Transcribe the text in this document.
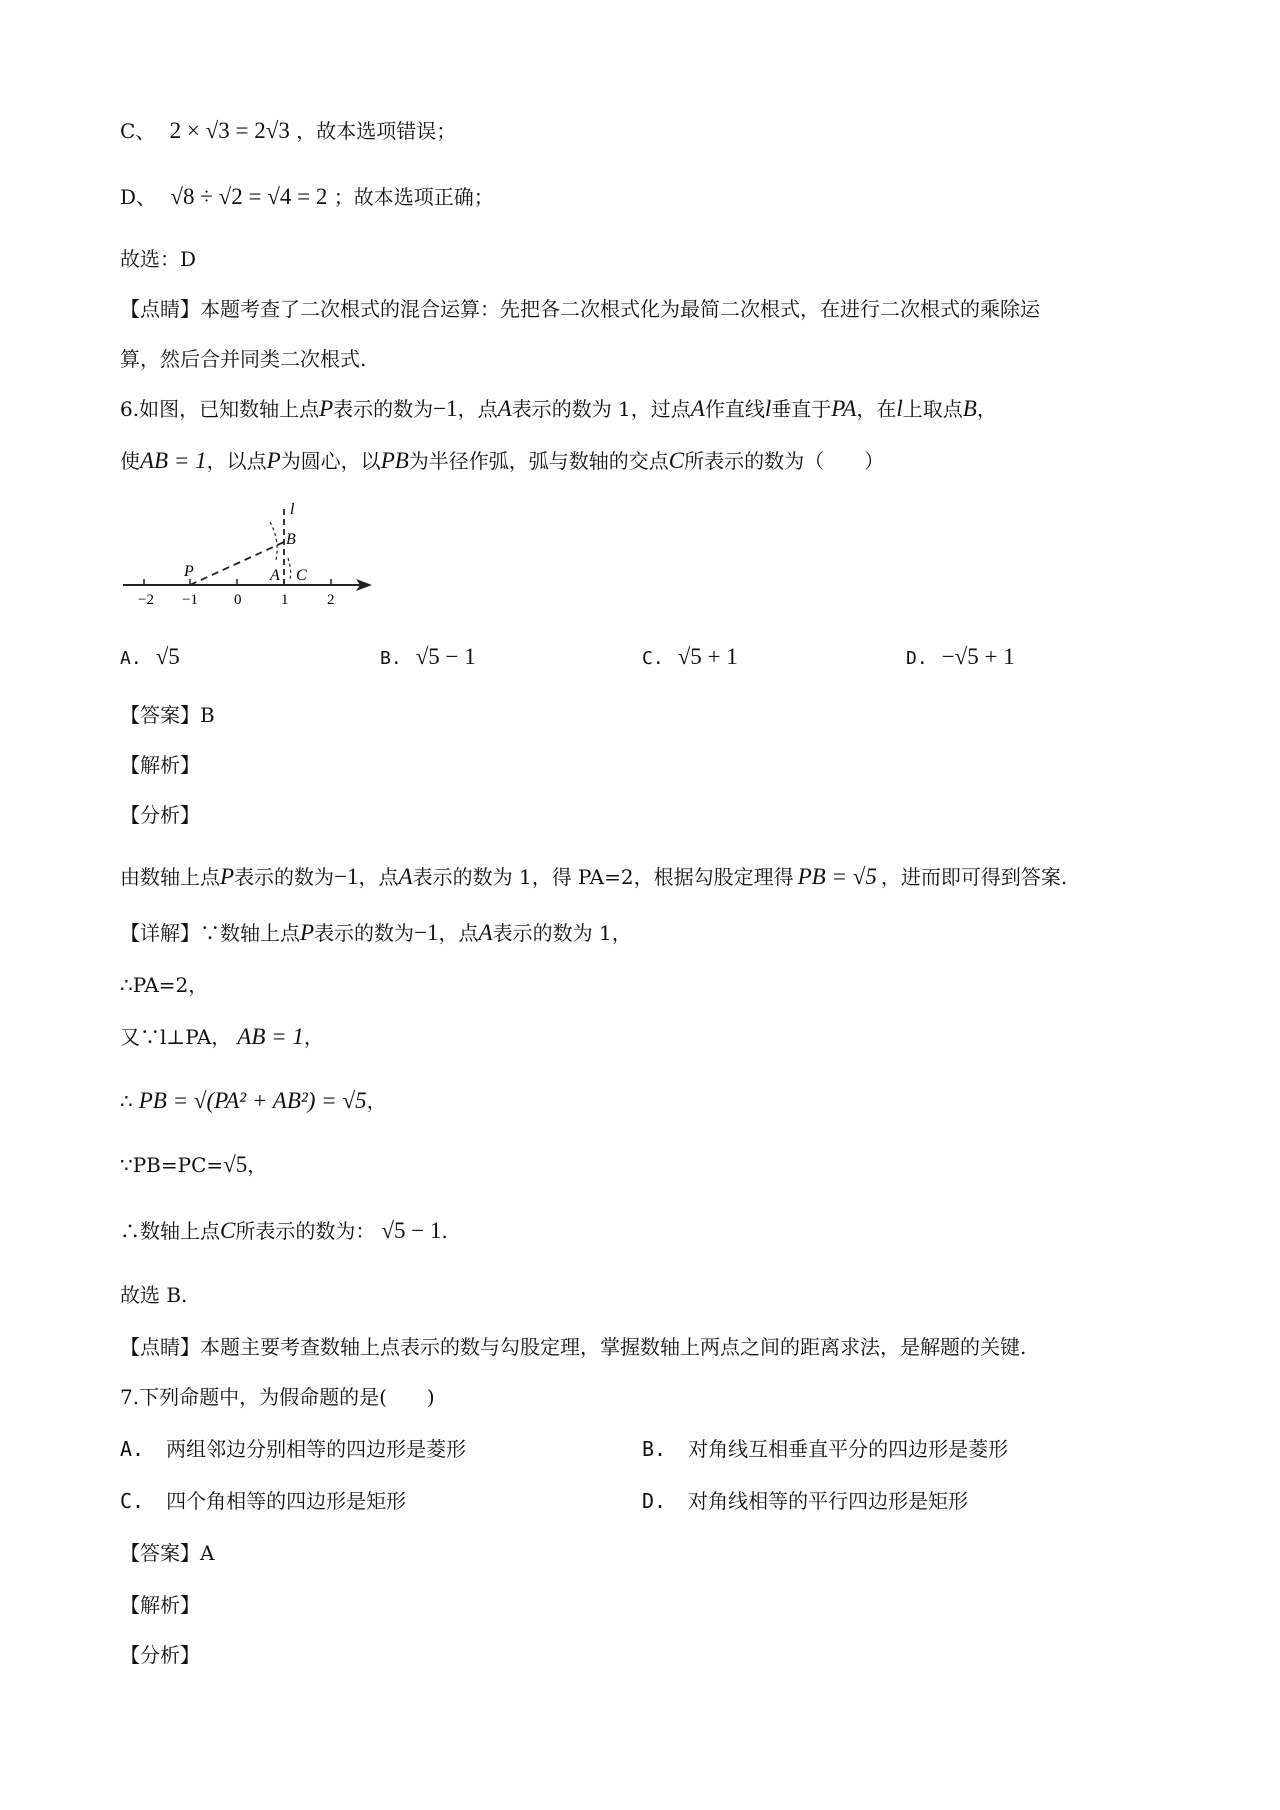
C、 2 × √3 = 2√3 ，故本选项错误；
D、 √8 ÷ √2 = √4 = 2 ；故本选项正确；
故选：D
【点睛】本题考查了二次根式的混合运算：先把各二次根式化为最简二次根式，在进行二次根式的乘除运
算，然后合并同类二次根式.
6.如图，已知数轴上点P表示的数为−1，点A表示的数为 1，过点A作直线l垂直于PA，在l上取点B，
使AB = 1，以点P为圆心，以PB为半径作弧，弧与数轴的交点C所表示的数为（　　）
−2 −1 0	1	2
P	A C
B
l
A. √5	B. √5 − 1	C. √5 + 1	D. −√5 + 1
【答案】B
【解析】
【分析】
由数轴上点P表示的数为−1，点A表示的数为 1，得 PA=2，根据勾股定理得 PB = √5 ，进而即可得到答案.
【详解】∵数轴上点P表示的数为−1，点A表示的数为 1，
∴PA=2，
又∵l⊥PA， AB = 1，
∴ PB = √(PA² + AB²) = √5，
∵PB=PC=√5，
∴数轴上点C所表示的数为： √5 − 1.
故选 B.
【点睛】本题主要考查数轴上点表示的数与勾股定理，掌握数轴上两点之间的距离求法，是解题的关键.
7.下列命题中，为假命题的是(　　)
A. 两组邻边分别相等的四边形是菱形	B. 对角线互相垂直平分的四边形是菱形
C. 四个角相等的四边形是矩形	D. 对角线相等的平行四边形是矩形
【答案】A
【解析】
【分析】
